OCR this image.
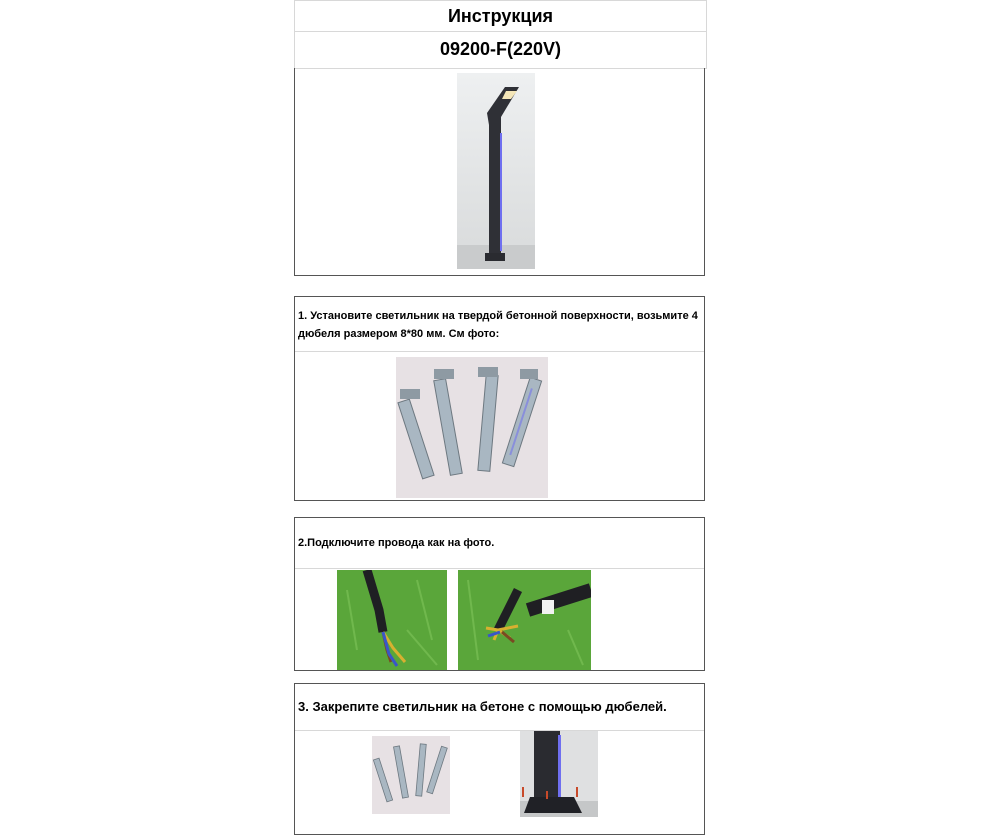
Инструкция
09200-F(220V)
1. Установите светильник на твердой бетонной поверхности, возьмите 4 дюбеля размером 8*80 мм. См фото:
2.Подключите провода как на фото.
3. Закрепите светильник на бетоне с помощью дюбелей.
